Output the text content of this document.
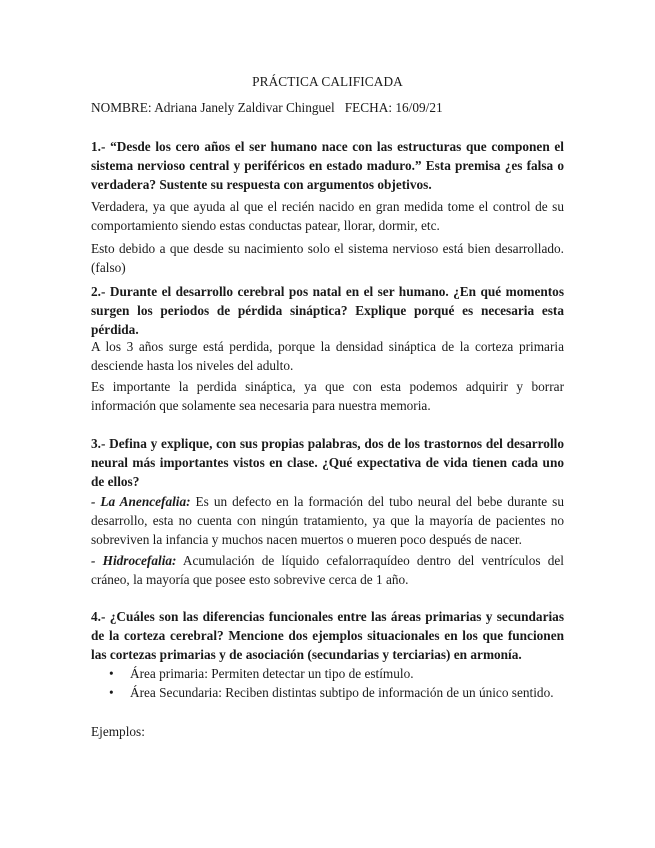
PRÁCTICA CALIFICADA
NOMBRE: Adriana Janely Zaldivar Chinguel FECHA: 16/09/21
1.- “Desde los cero años el ser humano nace con las estructuras que componen el sistema nervioso central y periféricos en estado maduro.” Esta premisa ¿es falsa o verdadera? Sustente su respuesta con argumentos objetivos.
Verdadera, ya que ayuda al que el recién nacido en gran medida tome el control de su comportamiento siendo estas conductas patear, llorar, dormir, etc.
Esto debido a que desde su nacimiento solo el sistema nervioso está bien desarrollado. (falso)
2.- Durante el desarrollo cerebral pos natal en el ser humano. ¿En qué momentos surgen los periodos de pérdida sináptica? Explique porqué es necesaria esta pérdida.
A los 3 años surge está perdida, porque la densidad sináptica de la corteza primaria desciende hasta los niveles del adulto.
Es importante la perdida sináptica, ya que con esta podemos adquirir y borrar información que solamente sea necesaria para nuestra memoria.
3.- Defina y explique, con sus propias palabras, dos de los trastornos del desarrollo neural más importantes vistos en clase. ¿Qué expectativa de vida tienen cada uno de ellos?
- La Anencefalia: Es un defecto en la formación del tubo neural del bebe durante su desarrollo, esta no cuenta con ningún tratamiento, ya que la mayoría de pacientes no sobreviven la infancia y muchos nacen muertos o mueren poco después de nacer.
- Hidrocefalia: Acumulación de líquido cefalorraquídeo dentro del ventrículos del cráneo, la mayoría que posee esto sobrevive cerca de 1 año.
4.- ¿Cuáles son las diferencias funcionales entre las áreas primarias y secundarias de la corteza cerebral? Mencione dos ejemplos situacionales en los que funcionen las cortezas primarias y de asociación (secundarias y terciarias) en armonía.
• Área primaria: Permiten detectar un tipo de estímulo.
• Área Secundaria: Reciben distintas subtipo de información de un único sentido.
Ejemplos:
